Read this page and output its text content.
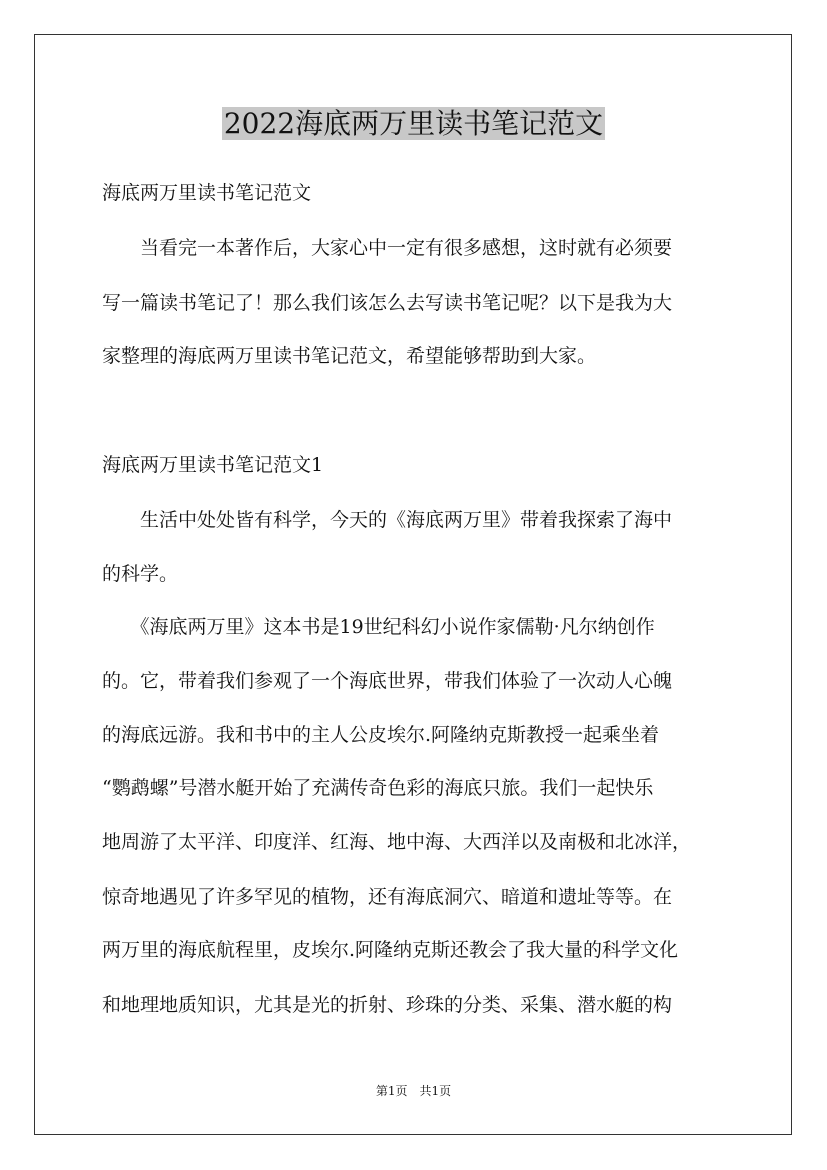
2022海底两万里读书笔记范文

海底两万里读书笔记范文

　　当看完一本著作后，大家心中一定有很多感想，这时就有必须要

写一篇读书笔记了！那么我们该怎么去写读书笔记呢？以下是我为大

家整理的海底两万里读书笔记范文，希望能够帮助到大家。

海底两万里读书笔记范文1

　　生活中处处皆有科学，今天的《海底两万里》带着我探索了海中

的科学。

　　《海底两万里》这本书是19世纪科幻小说作家儒勒·凡尔纳创作

的。它，带着我们参观了一个海底世界，带我们体验了一次动人心魄

的海底远游。我和书中的主人公皮埃尔.阿隆纳克斯教授一起乘坐着

“鹦鹉螺”号潜水艇开始了充满传奇色彩的海底只旅。我们一起快乐

地周游了太平洋、印度洋、红海、地中海、大西洋以及南极和北冰洋，

惊奇地遇见了许多罕见的植物，还有海底洞穴、暗道和遗址等等。在

两万里的海底航程里，皮埃尔.阿隆纳克斯还教会了我大量的科学文化

和地理地质知识，尤其是光的折射、珍珠的分类、采集、潜水艇的构

第1页　共1页
